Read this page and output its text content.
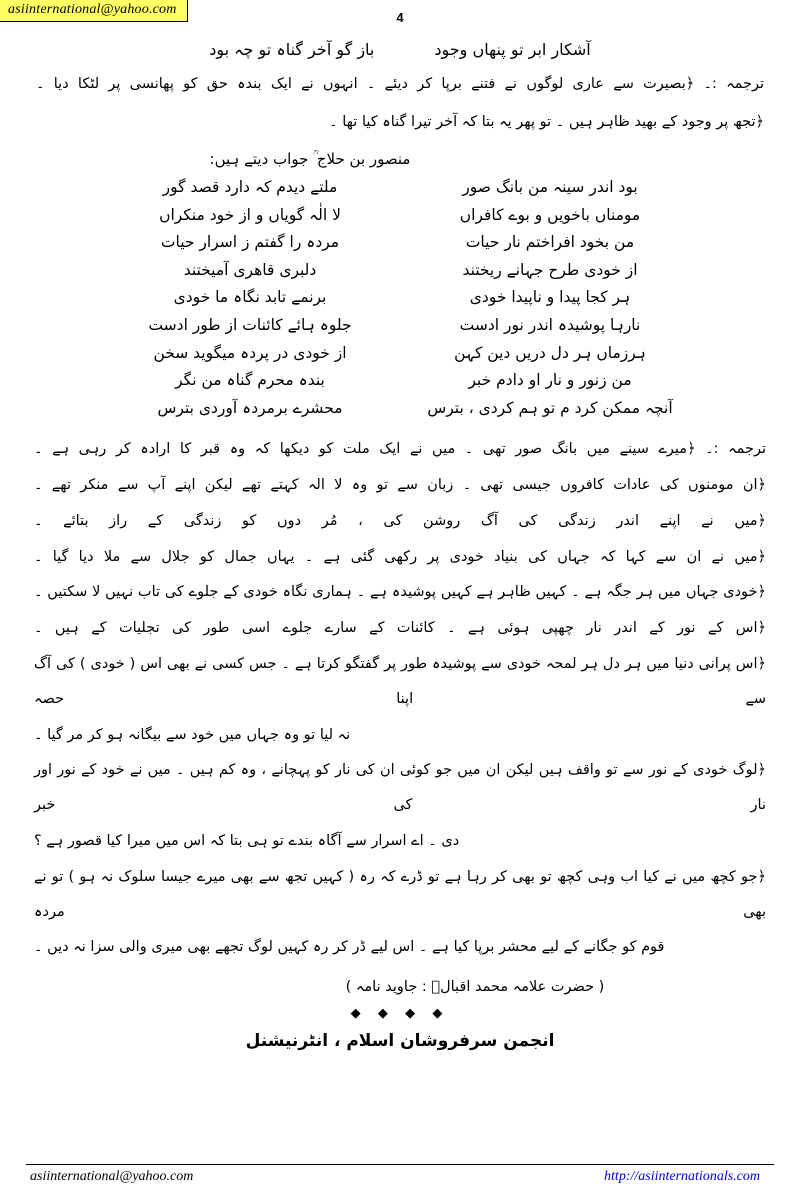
asiinternational@yahoo.com
4
آشکار ابر تو پنهاں وجود
باز گو آخر گناہ تو چہ بود
ترجمہ :۔ ﴿بصیرت سے عاری لوگوں نے فتنے برپا کر دیئے ۔ انہوں نے ایک بندہ حق کو پھانسی پر لٹکا دیا ۔
﴿تجھ پر وجود کے بھید ظاہر ہیں ۔ تو پھر یہ بتا کہ آخر تیرا گناہ کیا تھا ۔
منصور بن حلاج ؒ جواب دیتے ہیں:
ملتے دیدم کہ دارد قصد گور
لا الٰہ گویاں و از خود منکراں
مردہ را گفتم ز اسرار حیات
دلبری قاھری آمیختند
برنمے تابد نگاہ ما خودی
جلوہ ہائے کائنات از طور ادست
از خودی در پردہ میگوید سخن
بندہ محرم گناہ من نگر
محشرے برمردہ آوردی بترس
بود اندر سینہ من بانگ صور
مومناں باخویں و بوے کافراں
من بخود افراختم نار حیات
از خودی طرح جہانے ریختند
ہر کجا پیدا و ناپیدا خودی
نارہا پوشیدہ اندر نور ادست
ہرزماں ہر دل دریں دین کہن
من زنور و نار او دادم خبر
آنچہ ممکن کرد م تو ہم کردی ، بترس
ترجمہ :۔ ﴿میرے سینے میں بانگ صور تھی ۔ میں نے ایک ملت کو دیکھا کہ وہ قبر کا ارادہ کر رہی ہے ۔
﴿ان مومنوں کی عادات کافروں جیسی تھی ۔ زبان سے تو وہ لا الہ کہتے تھے لیکن اپنے آپ سے منکر تھے ۔
﴿میں نے اپنے اندر زندگی کی آگ روشن کی ، مُر دوں کو زندگی کے راز بتائے ۔
﴿میں نے ان سے کہا کہ جہاں کی بنیاد خودی پر رکھی گئی ہے ۔ یہاں جمال کو جلال سے ملا دیا گیا ۔
﴿خودی جہاں میں ہر جگہ ہے ۔ کہیں ظاہر ہے کہیں پوشیدہ ہے ۔ ہماری نگاہ خودی کے جلوے کی تاب نہیں لا سکتیں ۔
﴿اس کے نور کے اندر نار چھپی ہوئی ہے ۔ کائنات کے سارے جلوے اسی طور کی تجلیات کے ہیں ۔
﴿اس پرانی دنیا میں ہر دل ہر لمحہ خودی سے پوشیدہ طور پر گفتگو کرتا ہے ۔ جس کسی نے بھی اس ( خودی ) کی آگ سے اپنا حصہ
نہ لیا تو وہ جہاں میں خود سے بیگانہ ہو کر مر گیا ۔
﴿لوگ خودی کے نور سے تو واقف ہیں لیکن ان میں جو کوئی ان کی نار کو پہچانے ، وہ کم ہیں ۔ میں نے خود کے نور اور نار کی خبر
دی ۔ اے اسرار سے آگاہ بندے تو ہی بتا کہ اس میں میرا کیا قصور ہے ؟
﴿جو کچھ میں نے کیا اب وہی کچھ تو بھی کر رہا ہے تو ڈرے کہ رہ ( کہیں تجھ سے بھی میرے جیسا سلوک نہ ہو ) تو نے بھی مردہ
قوم کو جگانے کے لیے محشر برپا کیا ہے ۔ اس لیے ڈر کر رہ کہیں لوگ تجھے بھی میری والی سزا نہ دیں ۔
( حضرت علامہ محمد اقبالؒ : جاوید نامہ )
◆ ◆ ◆ ◆
انجمن سرفروشان اسلام ، انٹرنیشنل
asiinternational@yahoo.com	http://asiinternationals.com
